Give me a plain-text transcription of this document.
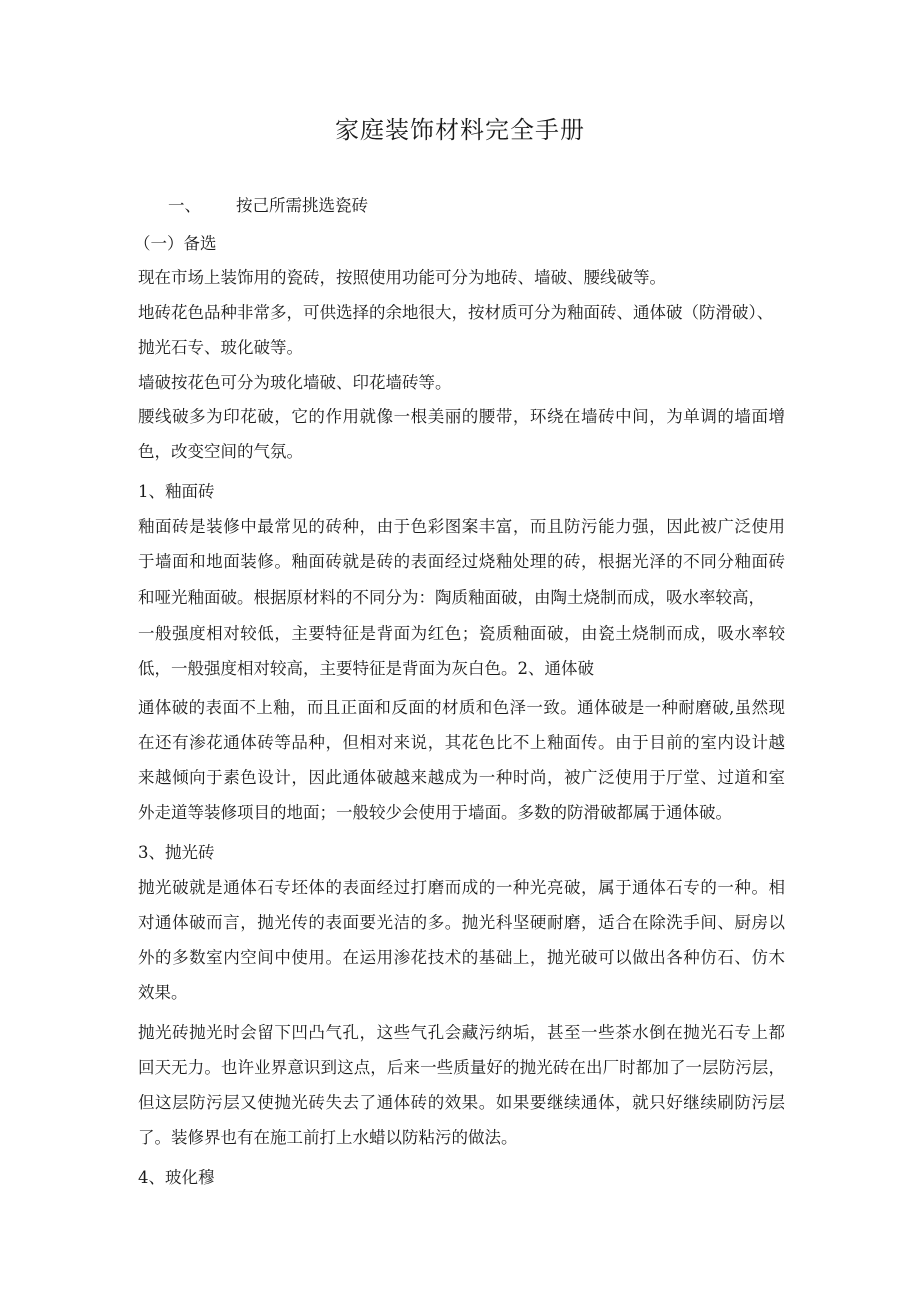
家庭装饰材料完全手册
一、 按己所需挑选瓷砖
（一）备选
现在市场上装饰用的瓷砖，按照使用功能可分为地砖、墙破、腰线破等。
地砖花色品种非常多，可供选择的余地很大，按材质可分为釉面砖、通体破（防滑破）、
抛光石专、玻化破等。
墙破按花色可分为玻化墙破、印花墙砖等。
腰线破多为印花破，它的作用就像一根美丽的腰带，环绕在墙砖中间，为单调的墙面增
色，改变空间的气氛。
1、釉面砖
釉面砖是装修中最常见的砖种，由于色彩图案丰富，而且防污能力强，因此被广泛使用
于墙面和地面装修。釉面砖就是砖的表面经过烧釉处理的砖，根据光泽的不同分釉面砖
和哑光釉面破。根据原材料的不同分为：陶质釉面破，由陶土烧制而成，吸水率较高，
一般强度相对较低，主要特征是背面为红色；瓷质釉面破，由瓷土烧制而成，吸水率较
低，一般强度相对较高，主要特征是背面为灰白色。2、通体破
通体破的表面不上釉，而且正面和反面的材质和色泽一致。通体破是一种耐磨破,虽然现
在还有渗花通体砖等品种，但相对来说，其花色比不上釉面传。由于目前的室内设计越
来越倾向于素色设计，因此通体破越来越成为一种时尚，被广泛使用于厅堂、过道和室
外走道等装修项目的地面；一般较少会使用于墙面。多数的防滑破都属于通体破。
3、抛光砖
抛光破就是通体石专坯体的表面经过打磨而成的一种光亮破，属于通体石专的一种。相
对通体破而言，抛光传的表面要光洁的多。抛光科坚硬耐磨，适合在除洗手间、厨房以
外的多数室内空间中使用。在运用渗花技术的基础上，抛光破可以做出各种仿石、仿木
效果。
抛光砖抛光时会留下凹凸气孔，这些气孔会藏污纳垢，甚至一些茶水倒在抛光石专上都
回天无力。也许业界意识到这点，后来一些质量好的抛光砖在出厂时都加了一层防污层，
但这层防污层又使抛光砖失去了通体砖的效果。如果要继续通体，就只好继续刷防污层
了。装修界也有在施工前打上水蜡以防粘污的做法。
4、玻化穆
